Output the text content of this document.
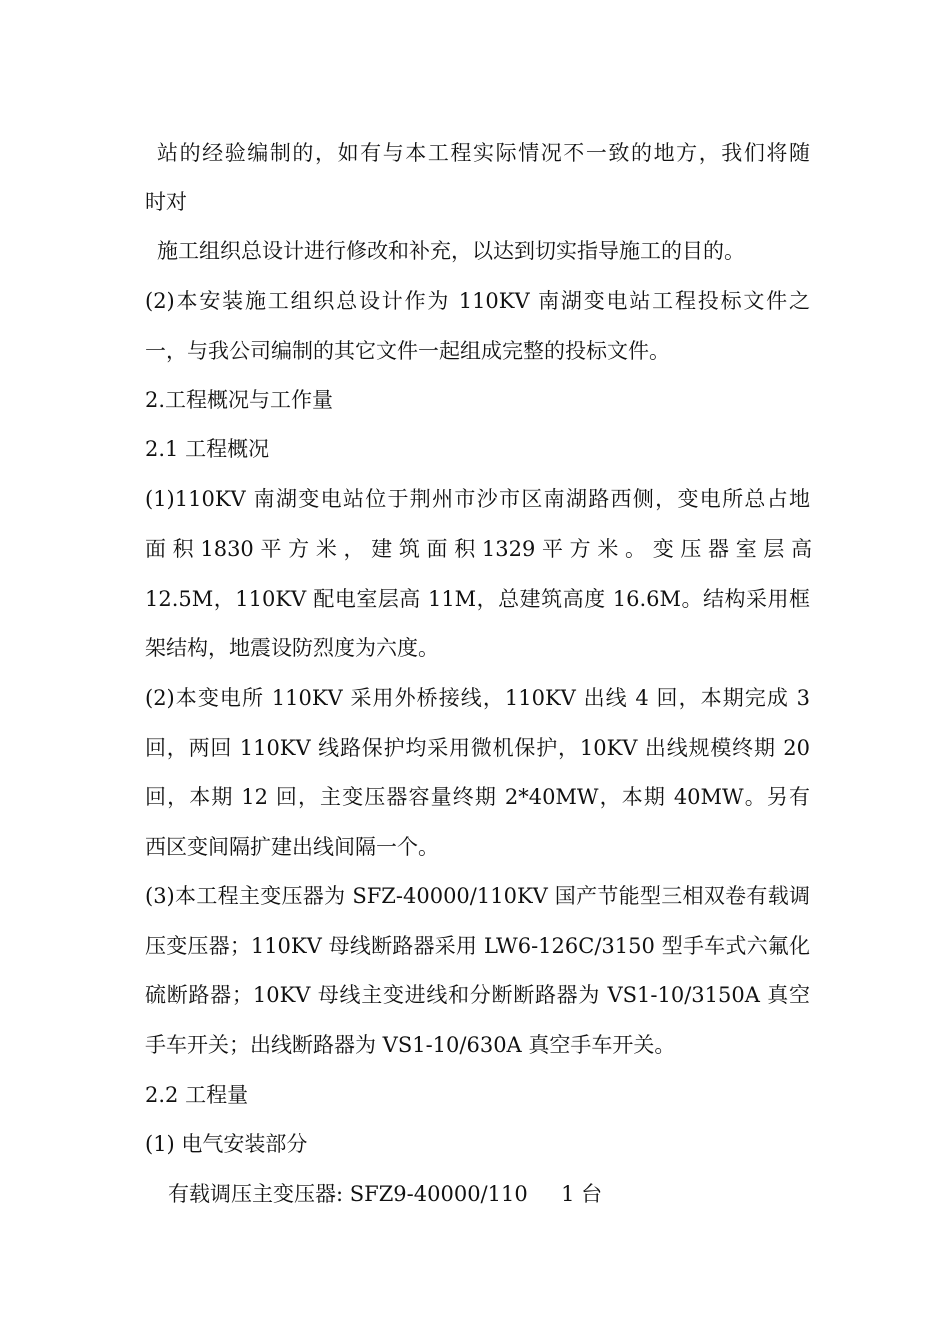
站的经验编制的，如有与本工程实际情况不一致的地方，我们将随
时对
施工组织总设计进行修改和补充，以达到切实指导施工的目的。
(2)本安装施工组织总设计作为 110KV 南湖变电站工程投标文件之
一，与我公司编制的其它文件一起组成完整的投标文件。
2.工程概况与工作量
2.1 工程概况
(1)110KV 南湖变电站位于荆州市沙市区南湖路西侧，变电所总占地
面 积 1830 平 方 米 ， 建 筑 面 积 1329 平 方 米 。 变 压 器 室 层 高
12.5M，110KV 配电室层高 11M，总建筑高度 16.6M。结构采用框
架结构，地震设防烈度为六度。
(2)本变电所 110KV 采用外桥接线，110KV 出线 4 回，本期完成 3
回，两回 110KV 线路保护均采用微机保护，10KV 出线规模终期 20
回，本期 12 回，主变压器容量终期 2*40MW，本期 40MW。另有
西区变间隔扩建出线间隔一个。
(3)本工程主变压器为 SFZ-40000/110KV 国产节能型三相双卷有载调
压变压器；110KV 母线断路器采用 LW6-126C/3150 型手车式六氟化
硫断路器；10KV 母线主变进线和分断断路器为 VS1-10/3150A 真空
手车开关；出线断路器为 VS1-10/630A 真空手车开关。
2.2 工程量
(1) 电气安装部分
有载调压主变压器: SFZ9-40000/110     1 台
